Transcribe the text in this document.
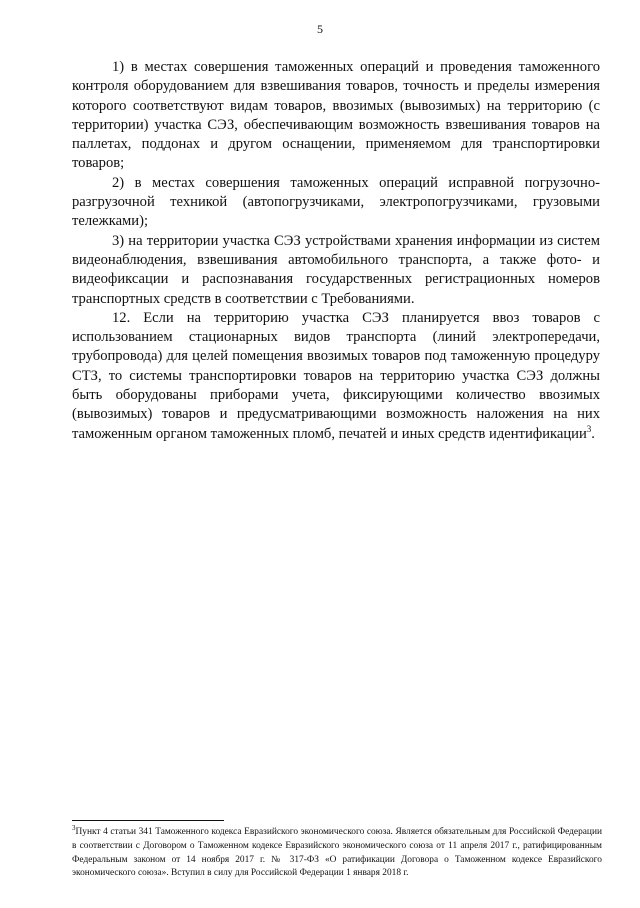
5

1) в местах совершения таможенных операций и проведения таможенного контроля оборудованием для взвешивания товаров, точность и пределы измерения которого соответствуют видам товаров, ввозимых (вывозимых) на территорию (с территории) участка СЭЗ, обеспечивающим возможность взвешивания товаров на паллетах, поддонах и другом оснащении, применяемом для транспортировки товаров;

2) в местах совершения таможенных операций исправной погрузочно-разгрузочной техникой (автопогрузчиками, электропогрузчиками, грузовыми тележками);

3) на территории участка СЭЗ устройствами хранения информации из систем видеонаблюдения, взвешивания автомобильного транспорта, а также фото- и видеофиксации и распознавания государственных регистрационных номеров транспортных средств в соответствии с Требованиями.

12. Если на территорию участка СЭЗ планируется ввоз товаров с использованием стационарных видов транспорта (линий электропередачи, трубопровода) для целей помещения ввозимых товаров под таможенную процедуру СТЗ, то системы транспортировки товаров на территорию участка СЭЗ должны быть оборудованы приборами учета, фиксирующими количество ввозимых (вывозимых) товаров и предусматривающими возможность наложения на них таможенным органом таможенных пломб, печатей и иных средств идентификации$^3$.

$^3$Пункт 4 статьи 341 Таможенного кодекса Евразийского экономического союза. Является обязательным для Российской Федерации в соответствии с Договором о Таможенном кодексе Евразийского экономического союза от 11 апреля 2017 г., ратифицированным Федеральным законом от 14 ноября 2017 г. № 317-ФЗ «О ратификации Договора о Таможенном кодексе Евразийского экономического союза». Вступил в силу для Российской Федерации 1 января 2018 г.
